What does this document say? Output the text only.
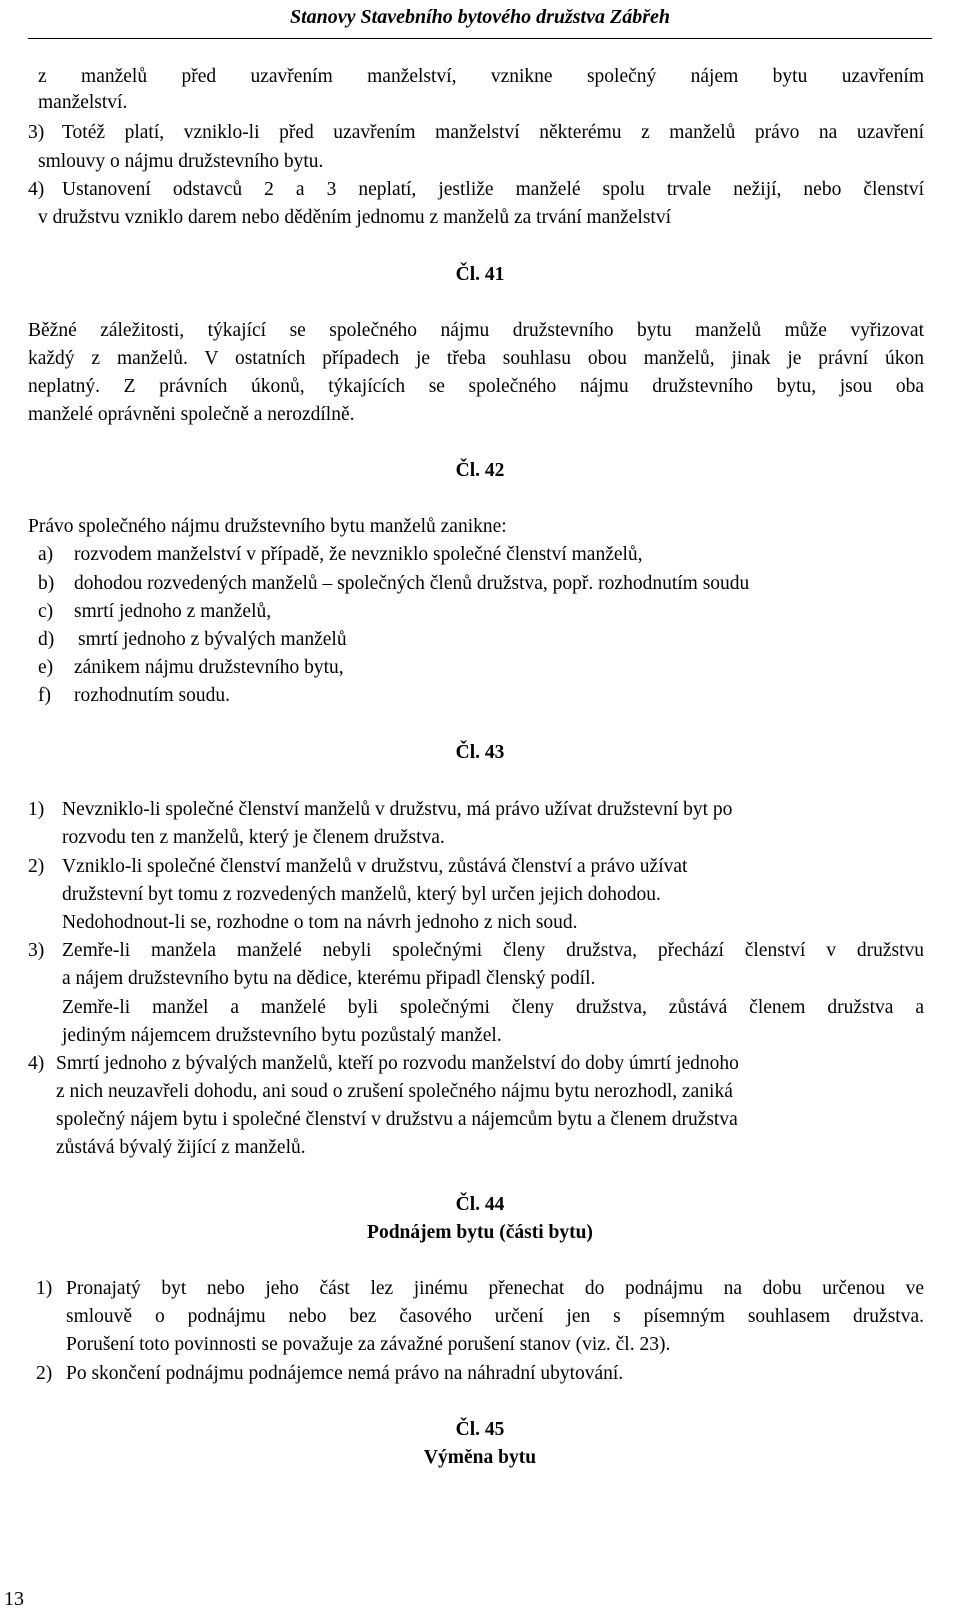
Stanovy Stavebního bytového družstva Zábřeh
z manželů před uzavřením manželství, vznikne společný nájem bytu uzavřením
manželství.
3) Totéž platí, vzniklo-li před uzavřením manželství některému z manželů právo na uzavření
smlouvy o nájmu družstevního bytu.
4) Ustanovení odstavců 2 a 3 neplatí, jestliže manželé spolu trvale nežijí, nebo členství
v družstvu vzniklo darem nebo děděním jednomu z manželů za trvání manželství
Čl. 41
Běžné záležitosti, týkající se společného nájmu družstevního bytu manželů může vyřizovat
každý z manželů. V ostatních případech je třeba souhlasu obou manželů, jinak je právní úkon
neplatný. Z právních úkonů, týkajících se společného nájmu družstevního bytu, jsou oba
manželé oprávněni společně a nerozdílně.
Čl. 42
Právo společného nájmu družstevního bytu manželů zanikne:
a) rozvodem manželství v případě, že nevzniklo společné členství manželů,
b) dohodou rozvedených manželů – společných členů družstva, popř. rozhodnutím soudu
c) smrtí jednoho z manželů,
d) smrtí jednoho z bývalých manželů
e) zánikem nájmu družstevního bytu,
f) rozhodnutím soudu.
Čl. 43
1) Nevzniklo-li společné členství manželů v družstvu, má právo užívat družstevní byt po
rozvodu ten z manželů, který je členem družstva.
2) Vzniklo-li společné členství manželů v družstvu, zůstává členství a právo užívat
družstevní byt tomu z rozvedených manželů, který byl určen jejich dohodou.
Nedohodnout-li se, rozhodne o tom na návrh jednoho z nich soud.
3) Zemře-li manžela manželé nebyli společnými členy družstva, přechází členství v družstvu
a nájem družstevního bytu na dědice, kterému připadl členský podíl.
Zemře-li manžel a manželé byli společnými členy družstva, zůstává členem družstva a
jediným nájemcem družstevního bytu pozůstalý manžel.
4) Smrtí jednoho z bývalých manželů, kteří po rozvodu manželství do doby úmrtí jednoho
z nich neuzavřeli dohodu, ani soud o zrušení společného nájmu bytu nerozhodl, zaniká
společný nájem bytu i společné členství v družstvu a nájemcům bytu a členem družstva
zůstává bývalý žijící z manželů.
Čl. 44
Podnájem bytu (části bytu)
1) Pronajatý byt nebo jeho část lez jinému přenechat do podnájmu na dobu určenou ve
smlouvě o podnájmu nebo bez časového určení jen s písemným souhlasem družstva.
Porušení toto povinnosti se považuje za závažné porušení stanov (viz. čl. 23).
2) Po skončení podnájmu podnájemce nemá právo na náhradní ubytování.
Čl. 45
Výměna bytu
13
